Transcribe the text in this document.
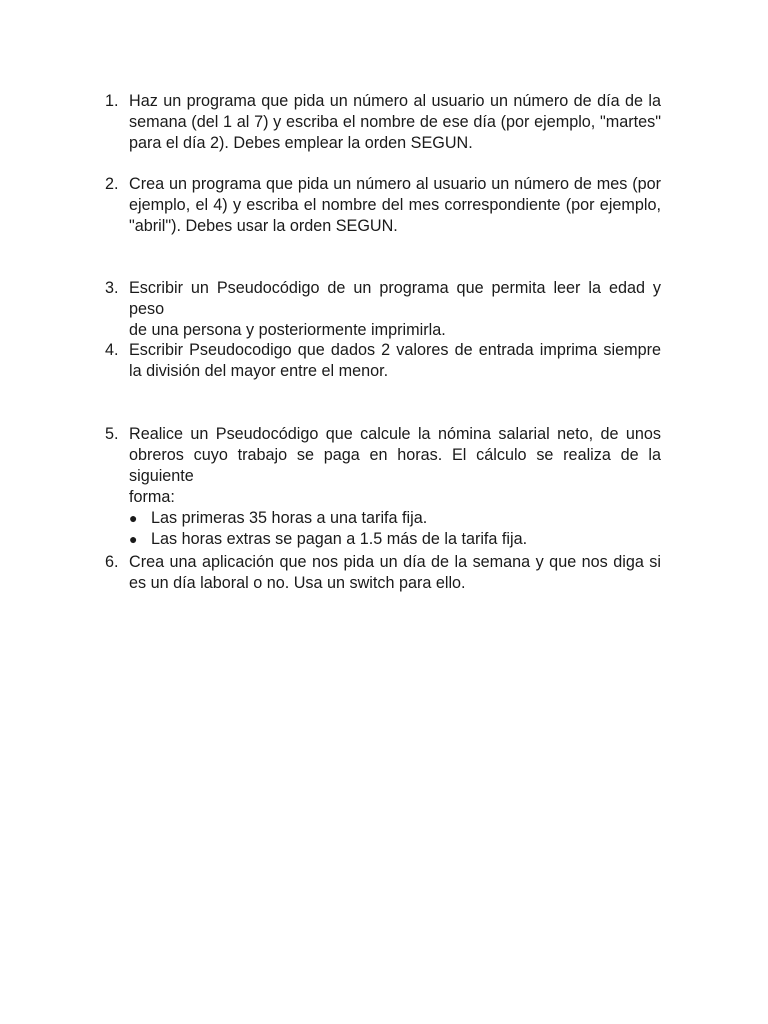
1. Haz un programa que pida un número al usuario un número de día de la

semana (del 1 al 7) y escriba el nombre de ese día (por ejemplo, "martes"

para el día 2). Debes emplear la orden SEGUN.

2. Crea un programa que pida un número al usuario un número de mes (por

ejemplo, el 4) y escriba el nombre del mes correspondiente (por ejemplo,

"abril"). Debes usar la orden SEGUN.

3. Escribir un Pseudocódigo de un programa que permita leer la edad y peso

de una persona y posteriormente imprimirla.

4. Escribir Pseudocodigo que dados 2 valores de entrada imprima siempre

la división del mayor entre el menor.

5. Realice un Pseudocódigo que calcule la nómina salarial neto, de unos

obreros cuyo trabajo se paga en horas. El cálculo se realiza de la siguiente

forma:

● Las primeras 35 horas a una tarifa fija.
● Las horas extras se pagan a 1.5 más de la tarifa fija.
6. Crea una aplicación que nos pida un día de la semana y que nos diga si

es un día laboral o no. Usa un switch para ello.
